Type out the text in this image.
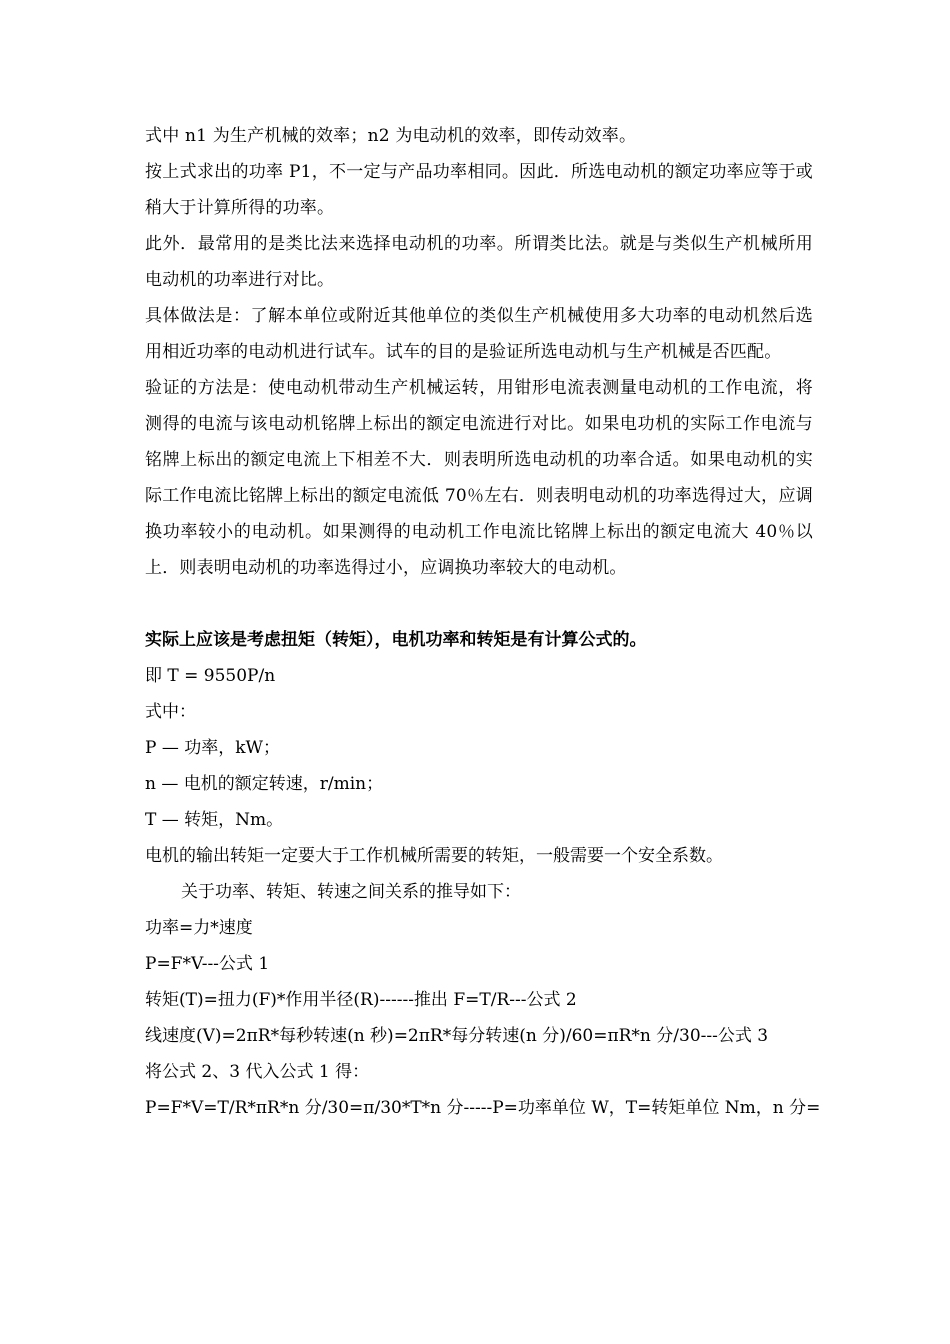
式中 n1 为生产机械的效率；n2 为电动机的效率，即传动效率。

按上式求出的功率 P1，不一定与产品功率相同。因此．所选电动机的额定功率应等于或稍大于计算所得的功率。

此外．最常用的是类比法来选择电动机的功率。所谓类比法。就是与类似生产机械所用电动机的功率进行对比。

具体做法是：了解本单位或附近其他单位的类似生产机械使用多大功率的电动机然后选用相近功率的电动机进行试车。试车的目的是验证所选电动机与生产机械是否匹配。

验证的方法是：使电动机带动生产机械运转，用钳形电流表测量电动机的工作电流，将测得的电流与该电动机铭牌上标出的额定电流进行对比。如果电功机的实际工作电流与铭牌上标出的额定电流上下相差不大．则表明所选电动机的功率合适。如果电动机的实际工作电流比铭牌上标出的额定电流低 70％左右．则表明电动机的功率选得过大，应调换功率较小的电动机。如果测得的电动机工作电流比铭牌上标出的额定电流大 40％以上．则表明电动机的功率选得过小，应调换功率较大的电动机。

实际上应该是考虑扭矩（转矩），电机功率和转矩是有计算公式的。

即 T = 9550P/n

式中：

P — 功率，kW；

n — 电机的额定转速，r/min；

T — 转矩，Nm。

电机的输出转矩一定要大于工作机械所需要的转矩，一般需要一个安全系数。

关于功率、转矩、转速之间关系的推导如下：

功率=力*速度

P=F*V---公式 1

转矩(T)=扭力(F)*作用半径(R)------推出 F=T/R---公式 2

线速度(V)=2πR*每秒转速(n 秒)=2πR*每分转速(n 分)/60=πR*n 分/30---公式 3

将公式 2、3 代入公式 1 得：

P=F*V=T/R*πR*n 分/30=π/30*T*n 分-----P=功率单位 W，T=转矩单位 Nm，n 分=
